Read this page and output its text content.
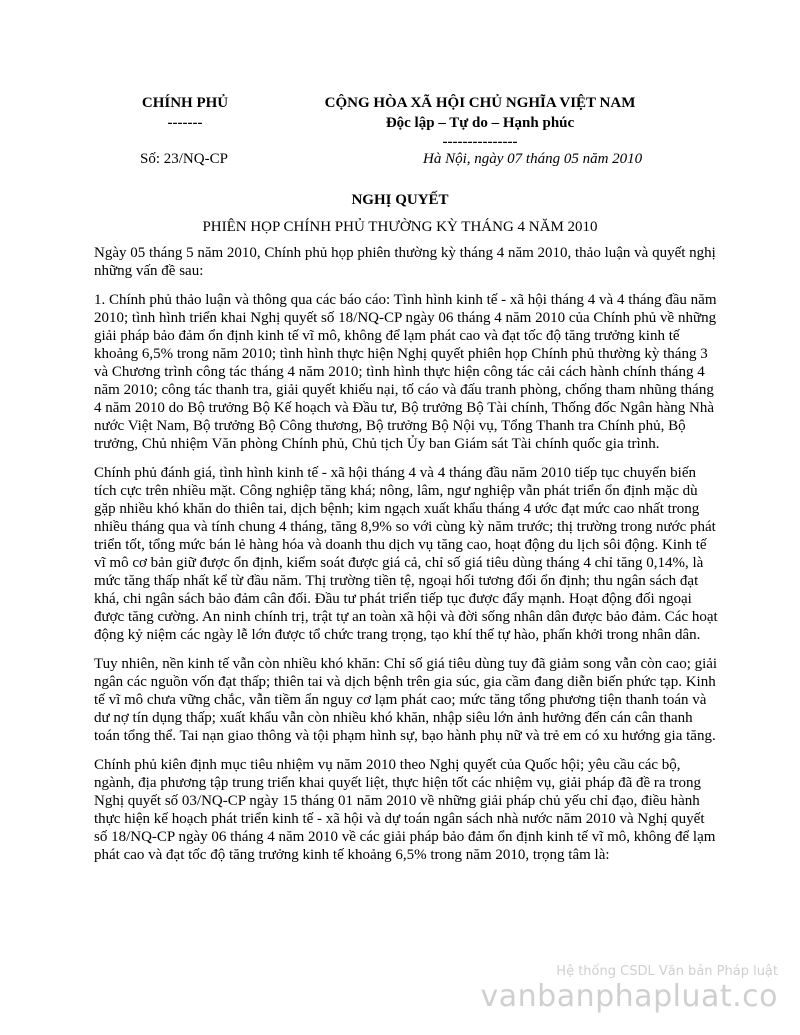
CHÍNH PHỦ
-------
CỘNG HÒA XÃ HỘI CHỦ NGHĨA VIỆT NAM
Độc lập – Tự do – Hạnh phúc
---------------
Số: 23/NQ-CP	Hà Nội, ngày 07 tháng 05 năm 2010
NGHỊ QUYẾT
PHIÊN HỌP CHÍNH PHỦ THƯỜNG KỲ THÁNG 4 NĂM 2010

Ngày 05 tháng 5 năm 2010, Chính phủ họp phiên thường kỳ tháng 4 năm 2010, thảo luận và quyết nghị những vấn đề sau:

1. Chính phủ thảo luận và thông qua các báo cáo: Tình hình kinh tế - xã hội tháng 4 và 4 tháng đầu năm 2010; tình hình triển khai Nghị quyết số 18/NQ-CP ngày 06 tháng 4 năm 2010 của Chính phủ về những giải pháp bảo đảm ổn định kinh tế vĩ mô, không để lạm phát cao và đạt tốc độ tăng trưởng kinh tế khoảng 6,5% trong năm 2010; tình hình thực hiện Nghị quyết phiên họp Chính phủ thường kỳ tháng 3 và Chương trình công tác tháng 4 năm 2010; tình hình thực hiện công tác cải cách hành chính tháng 4 năm 2010; công tác thanh tra, giải quyết khiếu nại, tố cáo và đấu tranh phòng, chống tham nhũng tháng 4 năm 2010 do Bộ trưởng Bộ Kế hoạch và Đầu tư, Bộ trưởng Bộ Tài chính, Thống đốc Ngân hàng Nhà nước Việt Nam, Bộ trưởng Bộ Công thương, Bộ trưởng Bộ Nội vụ, Tổng Thanh tra Chính phủ, Bộ trưởng, Chủ nhiệm Văn phòng Chính phủ, Chủ tịch Ủy ban Giám sát Tài chính quốc gia trình.

Chính phủ đánh giá, tình hình kinh tế - xã hội tháng 4 và 4 tháng đầu năm 2010 tiếp tục chuyển biến tích cực trên nhiều mặt. Công nghiệp tăng khá; nông, lâm, ngư nghiệp vẫn phát triển ổn định mặc dù gặp nhiều khó khăn do thiên tai, dịch bệnh; kim ngạch xuất khẩu tháng 4 ước đạt mức cao nhất trong nhiều tháng qua và tính chung 4 tháng, tăng 8,9% so với cùng kỳ năm trước; thị trường trong nước phát triển tốt, tổng mức bán lẻ hàng hóa và doanh thu dịch vụ tăng cao, hoạt động du lịch sôi động. Kinh tế vĩ mô cơ bản giữ được ổn định, kiểm soát được giá cả, chỉ số giá tiêu dùng tháng 4 chỉ tăng 0,14%, là mức tăng thấp nhất kể từ đầu năm. Thị trường tiền tệ, ngoại hối tương đối ổn định; thu ngân sách đạt khá, chi ngân sách bảo đảm cân đối. Đầu tư phát triển tiếp tục được đẩy mạnh. Hoạt động đối ngoại được tăng cường. An ninh chính trị, trật tự an toàn xã hội và đời sống nhân dân được bảo đảm. Các hoạt động kỷ niệm các ngày lễ lớn được tổ chức trang trọng, tạo khí thế tự hào, phấn khởi trong nhân dân.

Tuy nhiên, nền kinh tế vẫn còn nhiều khó khăn: Chỉ số giá tiêu dùng tuy đã giảm song vẫn còn cao; giải ngân các nguồn vốn đạt thấp; thiên tai và dịch bệnh trên gia súc, gia cầm đang diễn biến phức tạp. Kinh tế vĩ mô chưa vững chắc, vẫn tiềm ẩn nguy cơ lạm phát cao; mức tăng tổng phương tiện thanh toán và dư nợ tín dụng thấp; xuất khẩu vẫn còn nhiều khó khăn, nhập siêu lớn ảnh hưởng đến cán cân thanh toán tổng thể. Tai nạn giao thông và tội phạm hình sự, bạo hành phụ nữ và trẻ em có xu hướng gia tăng.

Chính phủ kiên định mục tiêu nhiệm vụ năm 2010 theo Nghị quyết của Quốc hội; yêu cầu các bộ, ngành, địa phương tập trung triển khai quyết liệt, thực hiện tốt các nhiệm vụ, giải pháp đã đề ra trong Nghị quyết số 03/NQ-CP ngày 15 tháng 01 năm 2010 về những giải pháp chủ yếu chỉ đạo, điều hành thực hiện kế hoạch phát triển kinh tế - xã hội và dự toán ngân sách nhà nước năm 2010 và Nghị quyết số 18/NQ-CP ngày 06 tháng 4 năm 2010 về các giải pháp bảo đảm ổn định kinh tế vĩ mô, không để lạm phát cao và đạt tốc độ tăng trưởng kinh tế khoảng 6,5% trong năm 2010, trọng tâm là:

Hệ thống CSDL Văn bản Pháp luật
vanbanphapluat.co
